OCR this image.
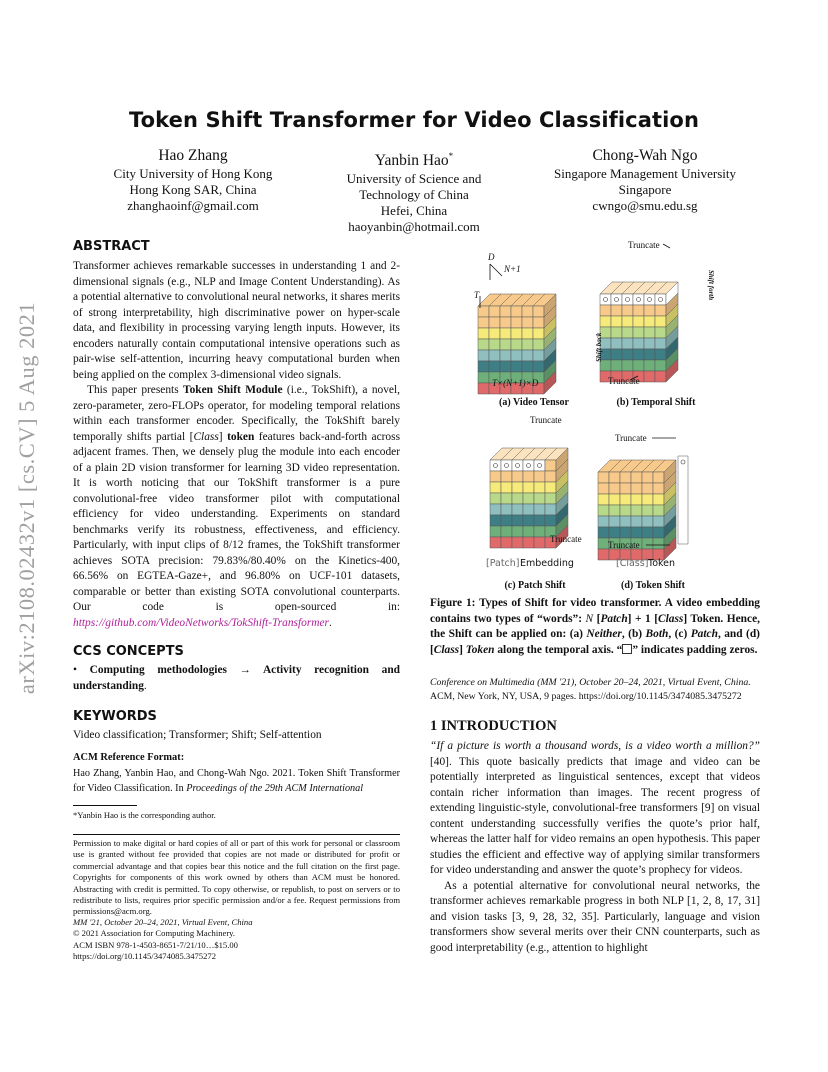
arXiv:2108.02432v1 [cs.CV] 5 Aug 2021
Token Shift Transformer for Video Classification
Hao Zhang
City University of Hong Kong
Hong Kong SAR, China
zhanghaoinf@gmail.com
Yanbin Hao*
University of Science and
Technology of China
Hefei, China
haoyanbin@hotmail.com
Chong-Wah Ngo
Singapore Management University
Singapore
cwngo@smu.edu.sg
ABSTRACT
Transformer achieves remarkable successes in understanding 1 and 2-dimensional signals (e.g., NLP and Image Content Understanding). As a potential alternative to convolutional neural networks, it shares merits of strong interpretability, high discriminative power on hyper-scale data, and flexibility in processing varying length inputs. However, its encoders naturally contain computational intensive operations such as pair-wise self-attention, incurring heavy computational burden when being applied on the complex 3-dimensional video signals.
This paper presents Token Shift Module (i.e., TokShift), a novel, zero-parameter, zero-FLOPs operator, for modeling temporal relations within each transformer encoder. Specifically, the TokShift barely temporally shifts partial [Class] token features back-and-forth across adjacent frames. Then, we densely plug the module into each encoder of a plain 2D vision transformer for learning 3D video representation. It is worth noticing that our TokShift transformer is a pure convolutional-free video transformer pilot with computational efficiency for video understanding. Experiments on standard benchmarks verify its robustness, effectiveness, and efficiency. Particularly, with input clips of 8/12 frames, the TokShift transformer achieves SOTA precision: 79.83%/80.40% on the Kinetics-400, 66.56% on EGTEA-Gaze+, and 96.80% on UCF-101 datasets, comparable or better than existing SOTA convolutional counterparts. Our code is open-sourced in: https://github.com/VideoNetworks/TokShift-Transformer.
CCS CONCEPTS
• Computing methodologies → Activity recognition and understanding.
KEYWORDS
Video classification; Transformer; Shift; Self-attention
ACM Reference Format:
Hao Zhang, Yanbin Hao, and Chong-Wah Ngo. 2021. Token Shift Transformer for Video Classification. In Proceedings of the 29th ACM International
*Yanbin Hao is the corresponding author.
Permission to make digital or hard copies of all or part of this work for personal or classroom use is granted without fee provided that copies are not made or distributed for profit or commercial advantage and that copies bear this notice and the full citation on the first page. Copyrights for components of this work owned by others than ACM must be honored. Abstracting with credit is permitted. To copy otherwise, or republish, to post on servers or to redistribute to lists, requires prior specific permission and/or a fee. Request permissions from permissions@acm.org.
MM '21, October 20–24, 2021, Virtual Event, China
© 2021 Association for Computing Machinery.
ACM ISBN 978-1-4503-8651-7/21/10…$15.00
https://doi.org/10.1145/3474085.3475272
D
N+1
T
T×(N+1)×D
Truncate
Truncate
Truncate
Truncate
Truncate
Truncate
Shift back
Shift forth
[Patch] Embedding	[Class] Token
(a) Video Tensor	(b) Temporal Shift
(c) Patch Shift	(d) Token Shift
Figure 1: Types of Shift for video transformer. A video embedding contains two types of “words”: N [Patch] + 1 [Class] Token. Hence, the Shift can be applied on: (a) Neither, (b) Both, (c) Patch, and (d) [Class] Token along the temporal axis. “ ” indicates padding zeros.
Conference on Multimedia (MM '21), October 20–24, 2021, Virtual Event, China.
ACM, New York, NY, USA, 9 pages. https://doi.org/10.1145/3474085.3475272
1 INTRODUCTION
“If a picture is worth a thousand words, is a video worth a million?” [40]. This quote basically predicts that image and video can be potentially interpreted as linguistical sentences, except that videos contain richer information than images. The recent progress of extending linguistic-style, convolutional-free transformers [9] on visual content understanding successfully verifies the quote’s prior half, whereas the latter half for video remains an open hypothesis. This paper studies the efficient and effective way of applying similar transformers for video understanding and answer the quote’s prophecy for videos.
As a potential alternative for convolutional neural networks, the transformer achieves remarkable progress in both NLP [1, 2, 8, 17, 31] and vision tasks [3, 9, 28, 32, 35]. Particularly, language and vision transformers show several merits over their CNN counterparts, such as good interpretability (e.g., attention to highlight
